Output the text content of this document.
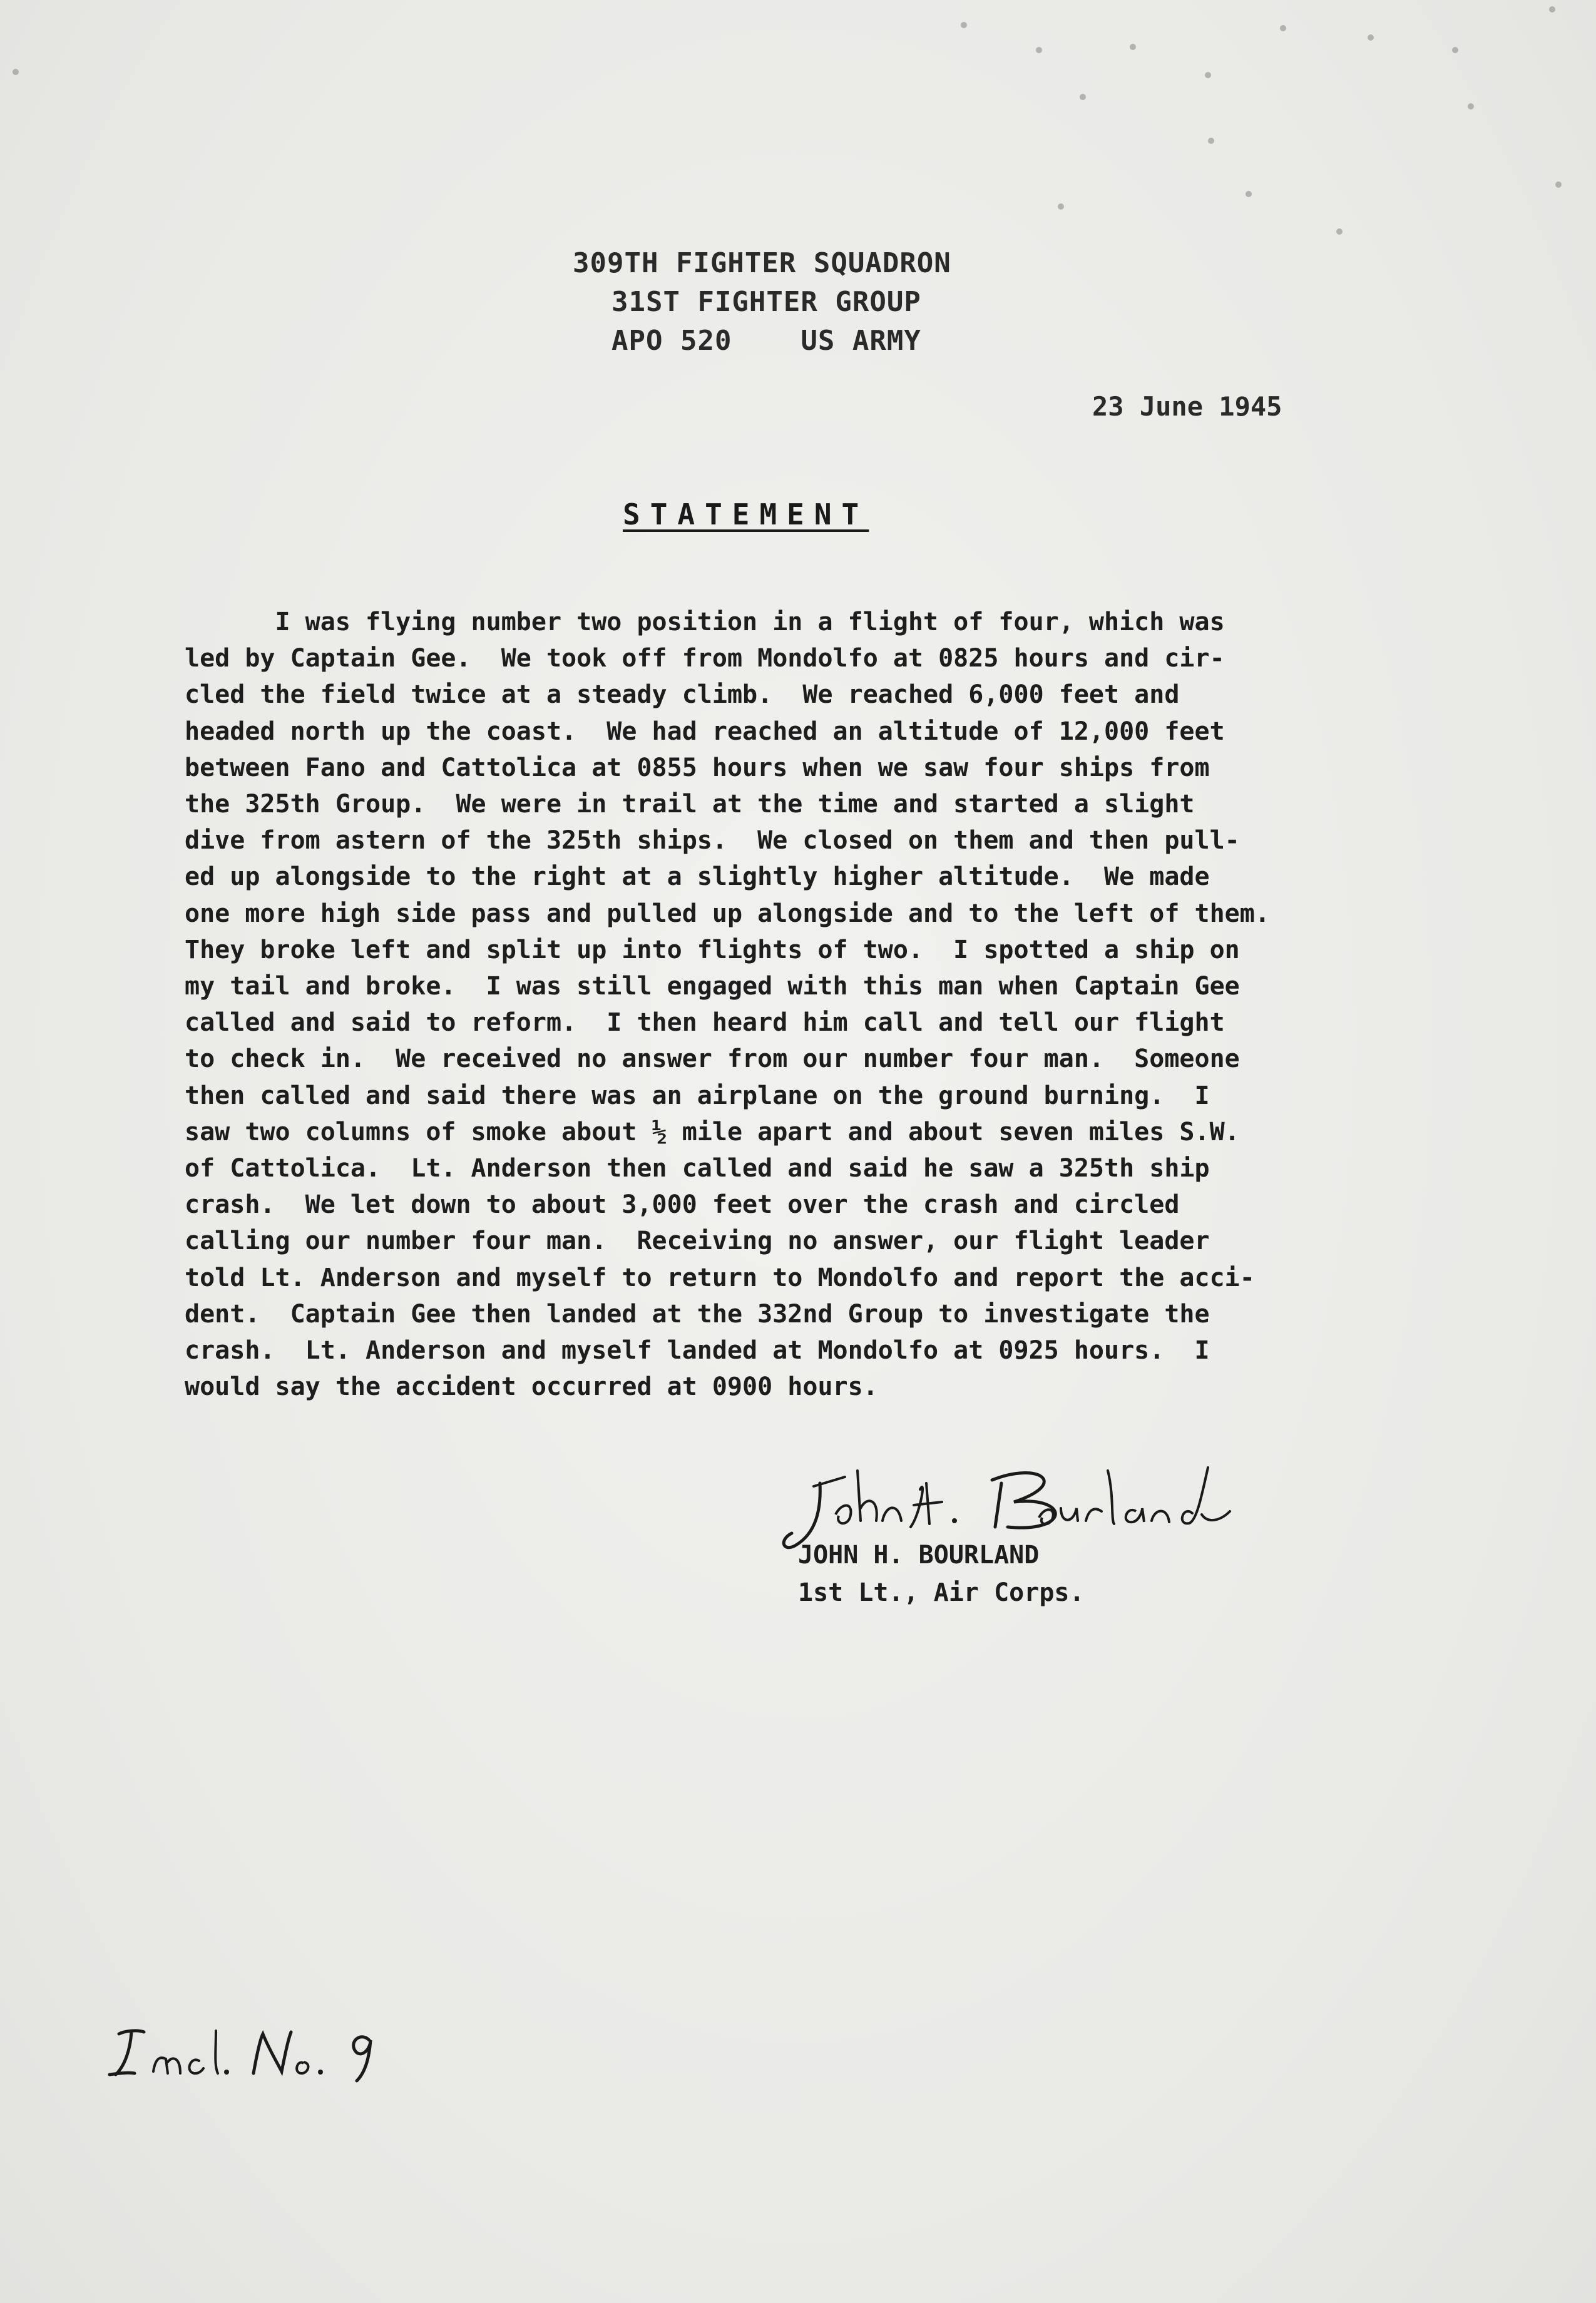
309TH FIGHTER SQUADRON
31ST FIGHTER GROUP
APO 520    US ARMY
23 June 1945
STATEMENT
I was flying number two position in a flight of four, which was
led by Captain Gee.  We took off from Mondolfo at 0825 hours and cir-
cled the field twice at a steady climb.  We reached 6,000 feet and
headed north up the coast.  We had reached an altitude of 12,000 feet
between Fano and Cattolica at 0855 hours when we saw four ships from
the 325th Group.  We were in trail at the time and started a slight
dive from astern of the 325th ships.  We closed on them and then pull-
ed up alongside to the right at a slightly higher altitude.  We made
one more high side pass and pulled up alongside and to the left of them.
They broke left and split up into flights of two.  I spotted a ship on
my tail and broke.  I was still engaged with this man when Captain Gee
called and said to reform.  I then heard him call and tell our flight
to check in.  We received no answer from our number four man.  Someone
then called and said there was an airplane on the ground burning.  I
saw two columns of smoke about ½ mile apart and about seven miles S.W.
of Cattolica.  Lt. Anderson then called and said he saw a 325th ship
crash.  We let down to about 3,000 feet over the crash and circled
calling our number four man.  Receiving no answer, our flight leader
told Lt. Anderson and myself to return to Mondolfo and report the acci-
dent.  Captain Gee then landed at the 332nd Group to investigate the
crash.  Lt. Anderson and myself landed at Mondolfo at 0925 hours.  I
would say the accident occurred at 0900 hours.
JOHN H. BOURLAND
1st Lt., Air Corps.
